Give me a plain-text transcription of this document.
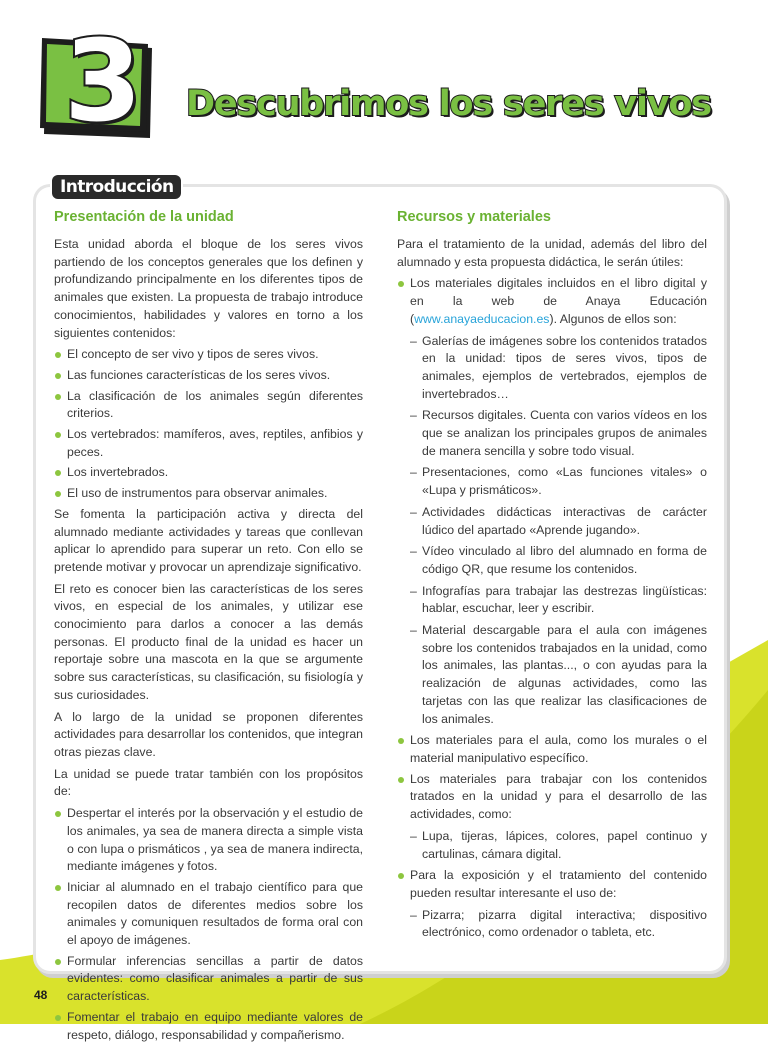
3 Descubrimos los seres vivos
Introducción
Presentación de la unidad

Esta unidad aborda el bloque de los seres vivos partiendo de los conceptos generales que los definen y profundizando principalmente en los diferentes tipos de animales que existen. La propuesta de trabajo introduce conocimientos, habilidades y valores en torno a los siguientes contenidos:

El concepto de ser vivo y tipos de seres vivos.
Las funciones características de los seres vivos.
La clasificación de los animales según diferentes criterios.
Los vertebrados: mamíferos, aves, reptiles, anfibios y peces.
Los invertebrados.
El uso de instrumentos para observar animales.

Se fomenta la participación activa y directa del alumnado mediante actividades y tareas que conllevan aplicar lo aprendido para superar un reto. Con ello se pretende motivar y provocar un aprendizaje significativo.

El reto es conocer bien las características de los seres vivos, en especial de los animales, y utilizar ese conocimiento para darlos a conocer a las demás personas. El producto final de la unidad es hacer un reportaje sobre una mascota en la que se argumente sobre sus características, su clasificación, su fisiología y sus curiosidades.

A lo largo de la unidad se proponen diferentes actividades para desarrollar los contenidos, que integran otras piezas clave.

La unidad se puede tratar también con los propósitos de:

Despertar el interés por la observación y el estudio de los animales, ya sea de manera directa a simple vista o con lupa o prismáticos , ya sea de manera indirecta, mediante imágenes y fotos.
Iniciar al alumnado en el trabajo científico para que recopilen datos de diferentes medios sobre los animales y comuniquen resultados de forma oral con el apoyo de imágenes.
Formular inferencias sencillas a partir de datos evidentes: como clasificar animales a partir de sus características.
Fomentar el trabajo en equipo mediante valores de respeto, diálogo, responsabilidad y compañerismo.
Recursos y materiales

Para el tratamiento de la unidad, además del libro del alumnado y esta propuesta didáctica, le serán útiles:

Los materiales digitales incluidos en el libro digital y en la web de Anaya Educación (www.anayaeducacion.es). Algunos de ellos son:
– Galerías de imágenes sobre los contenidos tratados en la unidad: tipos de seres vivos, tipos de animales, ejemplos de vertebrados, ejemplos de invertebrados…
– Recursos digitales. Cuenta con varios vídeos en los que se analizan los principales grupos de animales de manera sencilla y sobre todo visual.
– Presentaciones, como «Las funciones vitales» o «Lupa y prismáticos».
– Actividades didácticas interactivas de carácter lúdico del apartado «Aprende jugando».
– Vídeo vinculado al libro del alumnado en forma de código QR, que resume los contenidos.
– Infografías para trabajar las destrezas lingüísticas: hablar, escuchar, leer y escribir.
– Material descargable para el aula con imágenes sobre los contenidos trabajados en la unidad, como los animales, las plantas..., o con ayudas para la realización de algunas actividades, como las tarjetas con las que realizar las clasificaciones de los animales.
Los materiales para el aula, como los murales o el material manipulativo específico.
Los materiales para trabajar con los contenidos tratados en la unidad y para el desarrollo de las actividades, como:
– Lupa, tijeras, lápices, colores, papel continuo y cartulinas, cámara digital.
Para la exposición y el tratamiento del contenido pueden resultar interesante el uso de:
– Pizarra; pizarra digital interactiva; dispositivo electrónico, como ordenador o tableta, etc.
48
